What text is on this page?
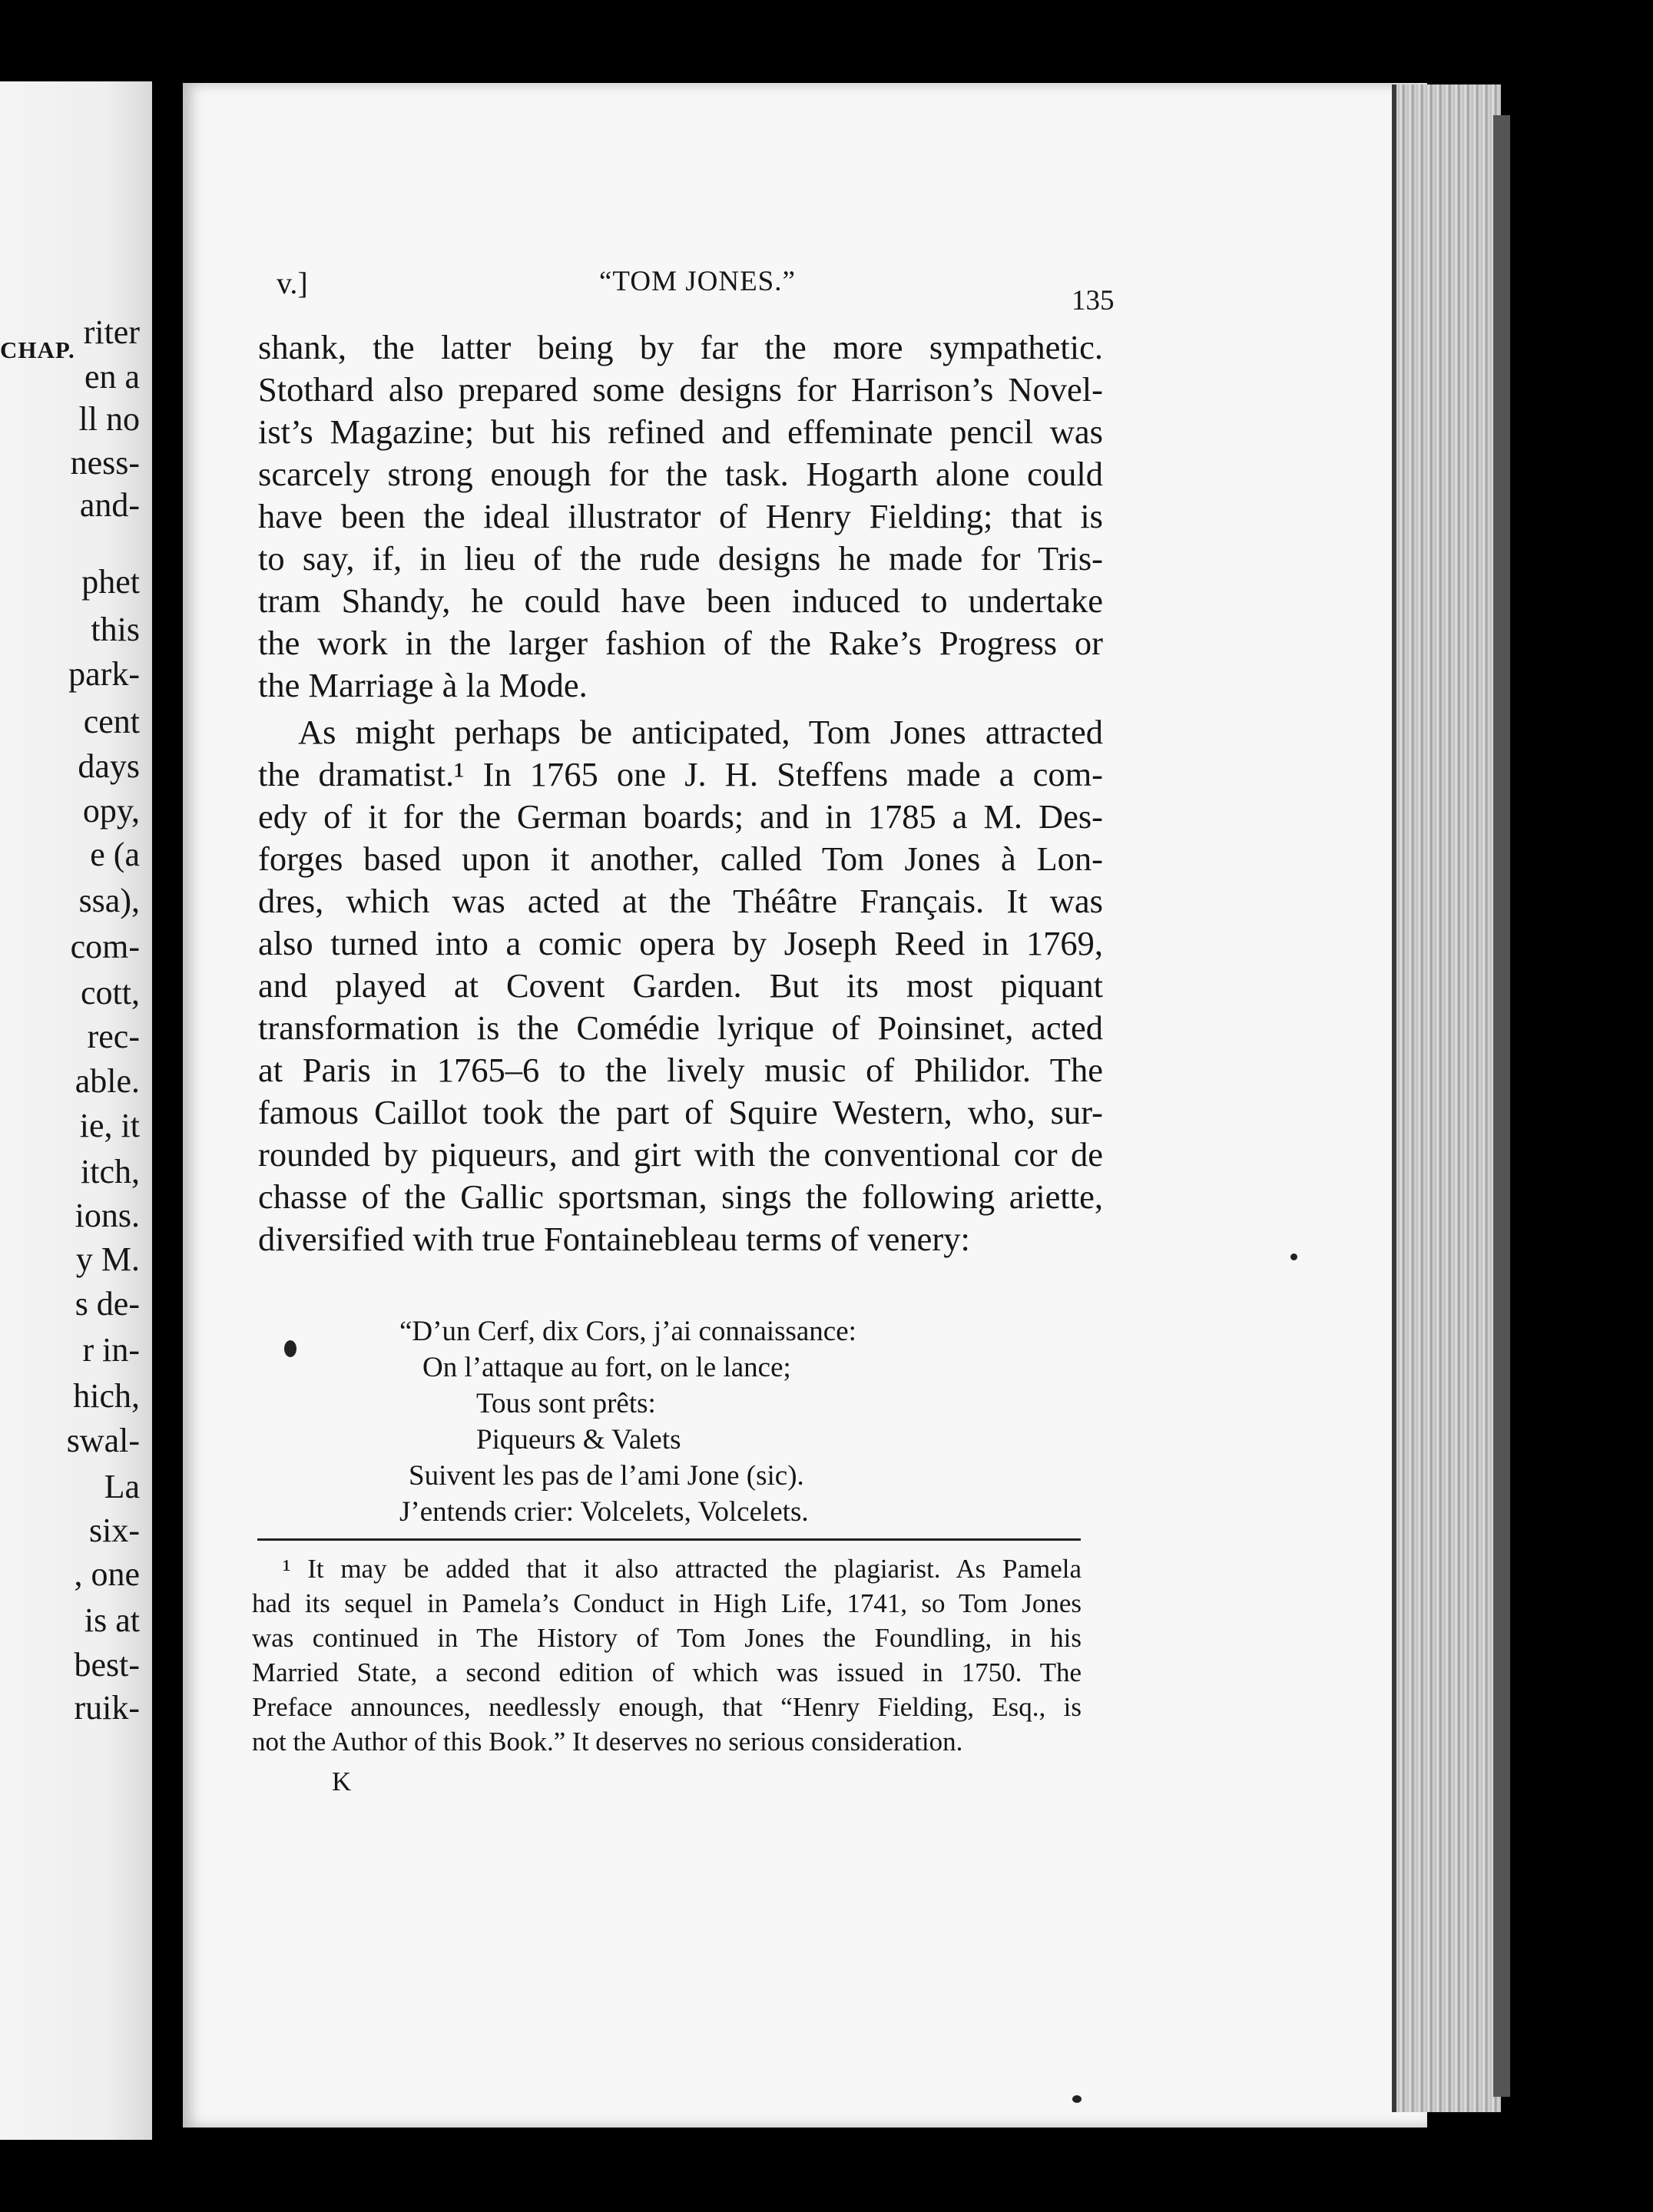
CHAP. riter
en a
ll no
ness-
and-
phet
this
park-
cent
days
opy,
e (a
ssa),
com-
cott,
rec-
able.
ie, it
itch,
ions.
y M.
s de-
r in-
hich,
swal-
La
six-
, one
is at
best-
ruik-
v.]	“TOM JONES.”
135
shank, the latter being by far the more sympathetic.
Stothard also prepared some designs for Harrison’s Novel-
ist’s Magazine; but his refined and effeminate pencil was
scarcely strong enough for the task. Hogarth alone could
have been the ideal illustrator of Henry Fielding; that is
to say, if, in lieu of the rude designs he made for Tris-
tram Shandy, he could have been induced to undertake
the work in the larger fashion of the Rake’s Progress or
the Marriage à la Mode.
As might perhaps be anticipated, Tom Jones attracted
the dramatist.¹ In 1765 one J. H. Steffens made a com-
edy of it for the German boards; and in 1785 a M. Des-
forges based upon it another, called Tom Jones à Lon-
dres, which was acted at the Théâtre Français. It was
also turned into a comic opera by Joseph Reed in 1769,
and played at Covent Garden. But its most piquant
transformation is the Comédie lyrique of Poinsinet, acted
at Paris in 1765–6 to the lively music of Philidor. The
famous Caillot took the part of Squire Western, who, sur-
rounded by piqueurs, and girt with the conventional cor de
chasse of the Gallic sportsman, sings the following ariette,
diversified with true Fontainebleau terms of venery:
“D’un Cerf, dix Cors, j’ai connaissance:
On l’attaque au fort, on le lance;
Tous sont prêts:
Piqueurs & Valets
Suivent les pas de l’ami Jone (sic).
J’entends crier: Volcelets, Volcelets.
¹ It may be added that it also attracted the plagiarist. As Pamela
had its sequel in Pamela’s Conduct in High Life, 1741, so Tom Jones
was continued in The History of Tom Jones the Foundling, in his
Married State, a second edition of which was issued in 1750. The
Preface announces, needlessly enough, that “Henry Fielding, Esq., is
not the Author of this Book.” It deserves no serious consideration.
K
